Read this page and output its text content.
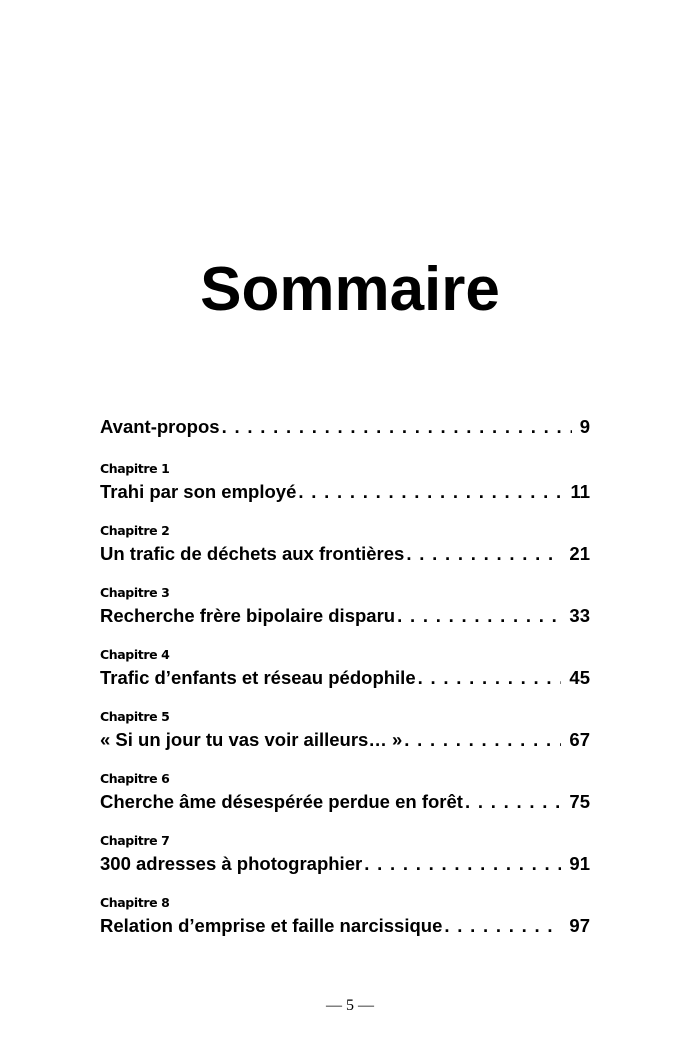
Sommaire
Avant-propos . . .	9
Chapitre 1
Trahi par son employé . . .	11
Chapitre 2
Un trafic de déchets aux frontières . . .	21
Chapitre 3
Recherche frère bipolaire disparu . . .	33
Chapitre 4
Trafic d’enfants et réseau pédophile . . .	45
Chapitre 5
« Si un jour tu vas voir ailleurs… » . . .	67
Chapitre 6
Cherche âme désespérée perdue en forêt . . .	75
Chapitre 7
300 adresses à photographier . . .	91
Chapitre 8
Relation d’emprise et faille narcissique . . .	97
— 5 —
